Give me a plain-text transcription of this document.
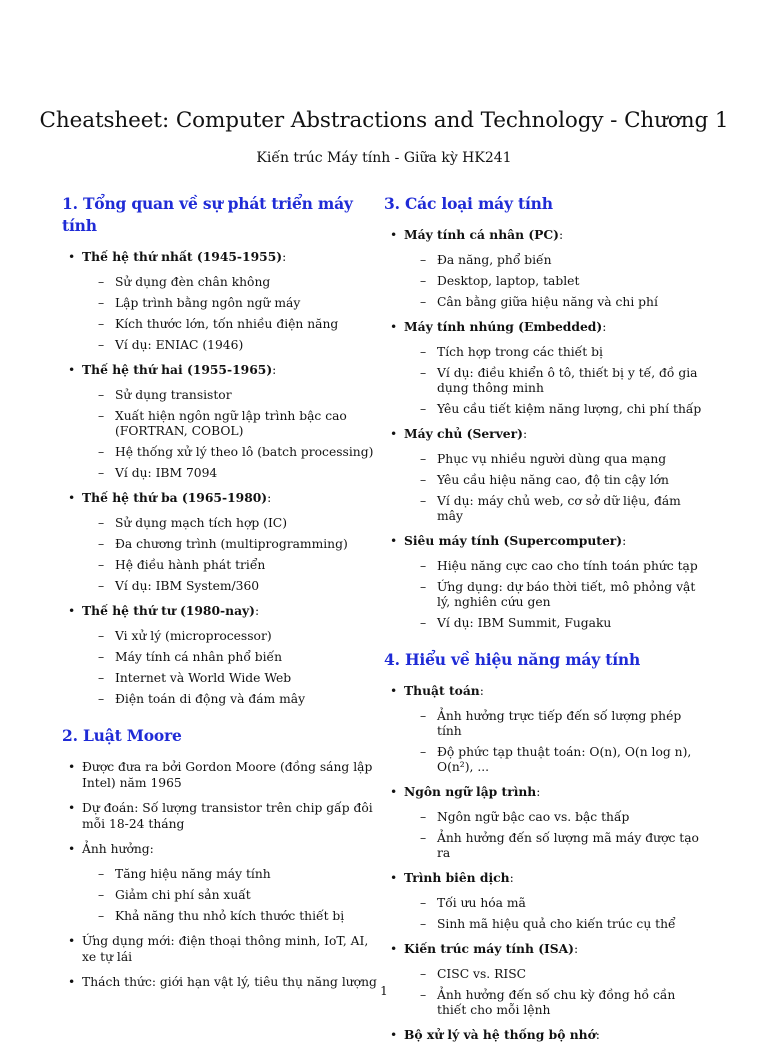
Cheatsheet: Computer Abstractions and Technology - Chương 1
Kiến trúc Máy tính - Giữa kỳ HK241
1. Tổng quan về sự phát triển máy tính
• Thế hệ thứ nhất (1945-1955):
– Sử dụng đèn chân không
– Lập trình bằng ngôn ngữ máy
– Kích thước lớn, tốn nhiều điện năng
– Ví dụ: ENIAC (1946)
• Thế hệ thứ hai (1955-1965):
– Sử dụng transistor
– Xuất hiện ngôn ngữ lập trình bậc cao (FORTRAN, COBOL)
– Hệ thống xử lý theo lô (batch processing)
– Ví dụ: IBM 7094
• Thế hệ thứ ba (1965-1980):
– Sử dụng mạch tích hợp (IC)
– Đa chương trình (multiprogramming)
– Hệ điều hành phát triển
– Ví dụ: IBM System/360
• Thế hệ thứ tư (1980-nay):
– Vi xử lý (microprocessor)
– Máy tính cá nhân phổ biến
– Internet và World Wide Web
– Điện toán di động và đám mây
2. Luật Moore
• Được đưa ra bởi Gordon Moore (đồng sáng lập Intel) năm 1965
• Dự đoán: Số lượng transistor trên chip gấp đôi mỗi 18-24 tháng
• Ảnh hưởng:
– Tăng hiệu năng máy tính
– Giảm chi phí sản xuất
– Khả năng thu nhỏ kích thước thiết bị
• Ứng dụng mới: điện thoại thông minh, IoT, AI, xe tự lái
• Thách thức: giới hạn vật lý, tiêu thụ năng lượng
3. Các loại máy tính
• Máy tính cá nhân (PC):
– Đa năng, phổ biến
– Desktop, laptop, tablet
– Cân bằng giữa hiệu năng và chi phí
• Máy tính nhúng (Embedded):
– Tích hợp trong các thiết bị
– Ví dụ: điều khiển ô tô, thiết bị y tế, đồ gia dụng thông minh
– Yêu cầu tiết kiệm năng lượng, chi phí thấp
• Máy chủ (Server):
– Phục vụ nhiều người dùng qua mạng
– Yêu cầu hiệu năng cao, độ tin cậy lớn
– Ví dụ: máy chủ web, cơ sở dữ liệu, đám mây
• Siêu máy tính (Supercomputer):
– Hiệu năng cực cao cho tính toán phức tạp
– Ứng dụng: dự báo thời tiết, mô phỏng vật lý, nghiên cứu gen
– Ví dụ: IBM Summit, Fugaku
4. Hiểu về hiệu năng máy tính
• Thuật toán:
– Ảnh hưởng trực tiếp đến số lượng phép tính
– Độ phức tạp thuật toán: O(n), O(n log n), O(n²), ...
• Ngôn ngữ lập trình:
– Ngôn ngữ bậc cao vs. bậc thấp
– Ảnh hưởng đến số lượng mã máy được tạo ra
• Trình biên dịch:
– Tối ưu hóa mã
– Sinh mã hiệu quả cho kiến trúc cụ thể
• Kiến trúc máy tính (ISA):
– CISC vs. RISC
– Ảnh hưởng đến số chu kỳ đồng hồ cần thiết cho mỗi lệnh
• Bộ xử lý và hệ thống bộ nhớ:
1
